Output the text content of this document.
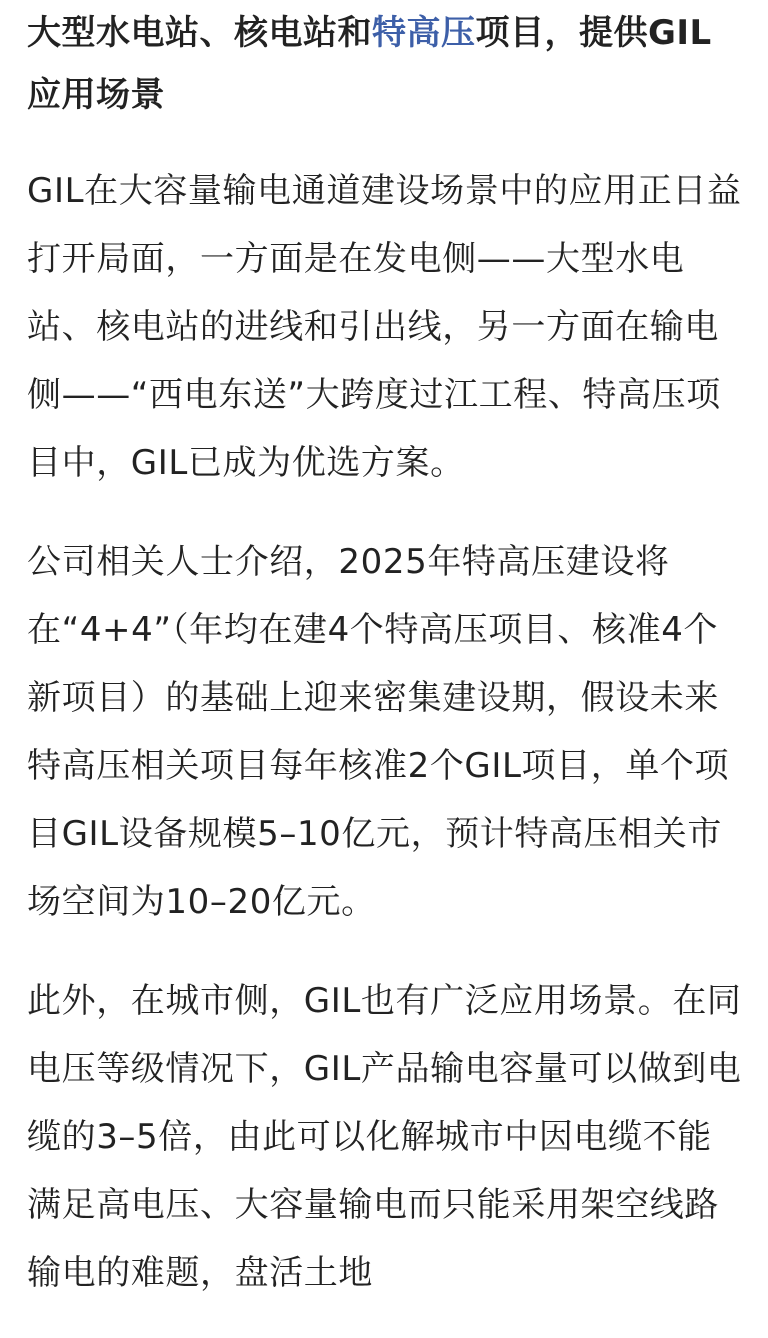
大型水电站、核电站和特高压项目，提供GIL应用场景

GIL在大容量输电通道建设场景中的应用正日益打开局面，一方面是在发电侧——大型水电站、核电站的进线和引出线，另一方面在输电侧——“西电东送”大跨度过江工程、特高压项目中，GIL已成为优选方案。

公司相关人士介绍，2025年特高压建设将在“4+4”（年均在建4个特高压项目、核准4个新项目）的基础上迎来密集建设期，假设未来特高压相关项目每年核准2个GIL项目，单个项目GIL设备规模5–10亿元，预计特高压相关市场空间为10–20亿元。

此外，在城市侧，GIL也有广泛应用场景。在同电压等级情况下，GIL产品输电容量可以做到电缆的3–5倍，由此可以化解城市中因电缆不能满足高电压、大容量输电而只能采用架空线路输电的难题，盘活土地
